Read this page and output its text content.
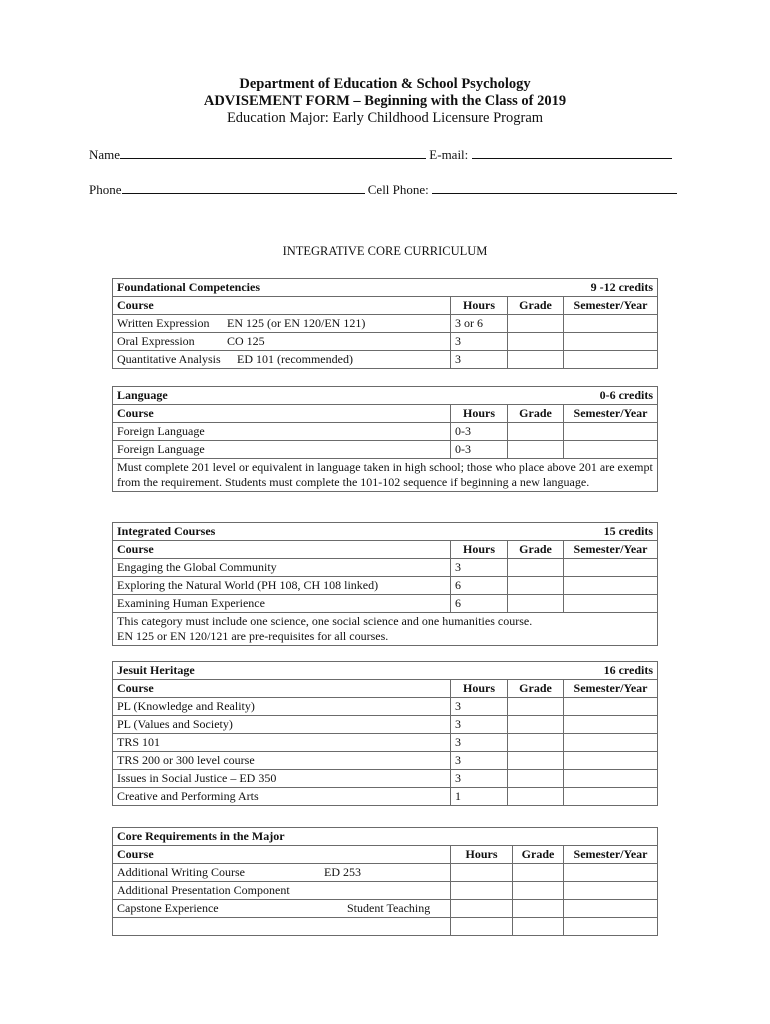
Department of Education & School Psychology
ADVISEMENT FORM – Beginning with the Class of 2019
Education Major: Early Childhood Licensure Program
Name	E-mail:
Phone	Cell Phone:
INTEGRATIVE CORE CURRICULUM
Foundational Competencies			9 -12 credits
Course	Hours	Grade	Semester/Year
Written Expression EN 125 (or EN 120/EN 121)	3 or 6		
Oral Expression CO 125	3		
Quantitative Analysis ED 101 (recommended)	3		
Language			0-6 credits
Course	Hours	Grade	Semester/Year
Foreign Language	0-3		
Foreign Language	0-3		
Must complete 201 level or equivalent in language taken in high school; those who place above 201 are exempt from the requirement. Students must complete the 101-102 sequence if beginning a new language.			
Integrated Courses			15 credits
Course	Hours	Grade	Semester/Year
Engaging the Global Community	3		
Exploring the Natural World (PH 108, CH 108 linked)	6		
Examining Human Experience	6		

This category must include one science, one social science and one humanities course.
EN 125 or EN 120/121 are pre-requisites for all courses.			
Jesuit Heritage			16 credits
Course	Hours	Grade	Semester/Year
PL (Knowledge and Reality)	3		
PL (Values and Society)	3		
TRS 101	3		
TRS 200 or 300 level course	3		
Issues in Social Justice – ED 350	3		
Creative and Performing Arts	1		
Core Requirements in the Major			
Course	Hours	Grade	Semester/Year
Additional Writing Course ED 253			
Additional Presentation Component			
Capstone Experience Student Teaching			
